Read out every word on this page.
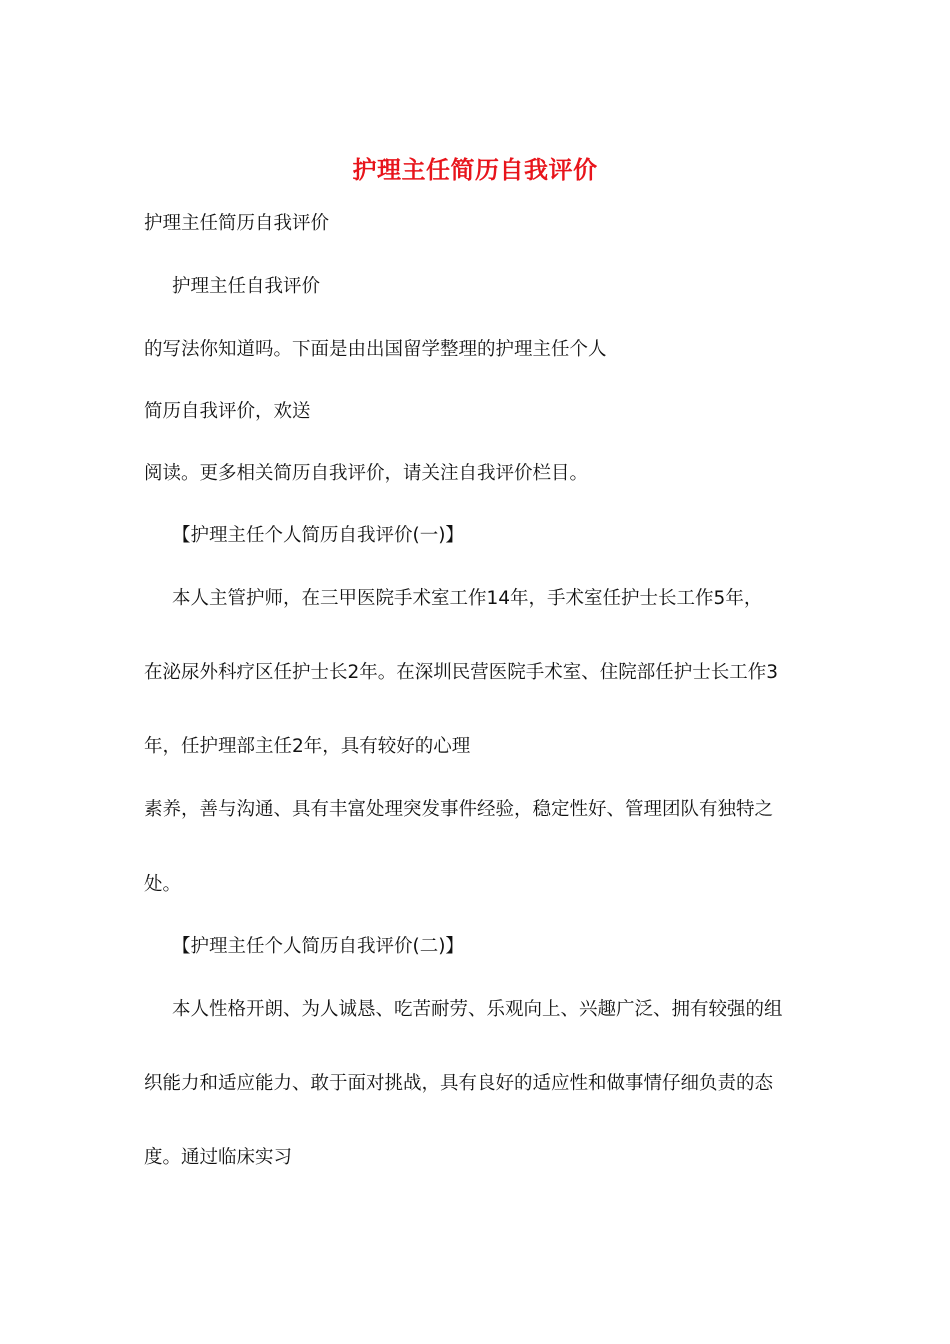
护理主任简历自我评价
护理主任简历自我评价
护理主任自我评价
的写法你知道吗。下面是由出国留学整理的护理主任个人
简历自我评价，欢送
阅读。更多相关简历自我评价，请关注自我评价栏目。
【护理主任个人简历自我评价(一)】
本人主管护师，在三甲医院手术室工作14年，手术室任护士长工作5年，
在泌尿外科疗区任护士长2年。在深圳民营医院手术室、住院部任护士长工作3
年，任护理部主任2年，具有较好的心理
素养，善与沟通、具有丰富处理突发事件经验，稳定性好、管理团队有独特之
处。
【护理主任个人简历自我评价(二)】
本人性格开朗、为人诚恳、吃苦耐劳、乐观向上、兴趣广泛、拥有较强的组
织能力和适应能力、敢于面对挑战，具有良好的适应性和做事情仔细负责的态
度。通过临床实习
